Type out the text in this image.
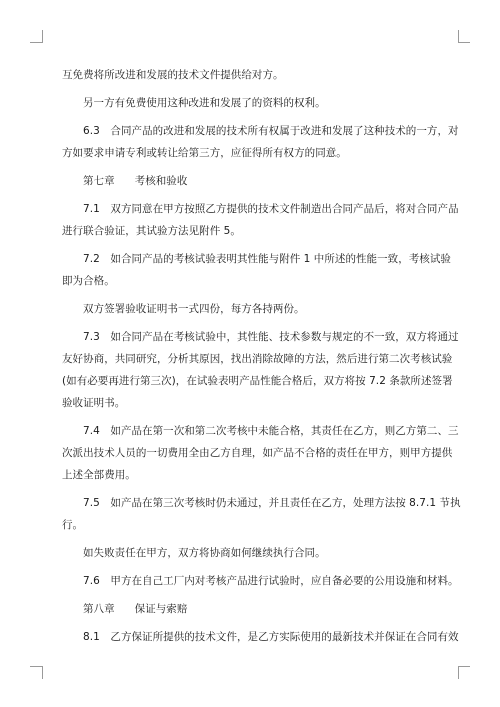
互免费将所改进和发展的技术文件提供给对方。
另一方有免费使用这种改进和发展了的资料的权利。
6.3　合同产品的改进和发展的技术所有权属于改进和发展了这种技术的一方，对
方如要求申请专利或转让给第三方，应征得所有权方的同意。
第七章 考核和验收
7.1　双方同意在甲方按照乙方提供的技术文件制造出合同产品后，将对合同产品
进行联合验证，其试验方法见附件 5。
7.2　如合同产品的考核试验表明其性能与附件 1 中所述的性能一致，考核试验
即为合格。
双方签署验收证明书一式四份，每方各持两份。
7.3　如合同产品在考核试验中，其性能、技术参数与规定的不一致，双方将通过
友好协商，共同研究，分析其原因，找出消除故障的方法，然后进行第二次考核试验
(如有必要再进行第三次)，在试验表明产品性能合格后，双方将按 7.2 条款所述签署
验收证明书。
7.4　如产品在第一次和第二次考核中未能合格，其责任在乙方，则乙方第二、三
次派出技术人员的一切费用全由乙方自理，如产品不合格的责任在甲方，则甲方提供
上述全部费用。
7.5　如产品在第三次考核时仍未通过，并且责任在乙方，处理方法按 8.7.1 节执
行。
如失败责任在甲方，双方将协商如何继续执行合同。
7.6　甲方在自己工厂内对考核产品进行试验时，应自备必要的公用设施和材料。
第八章 保证与索赔
8.1　乙方保证所提供的技术文件，是乙方实际使用的最新技术并保证在合同有效
